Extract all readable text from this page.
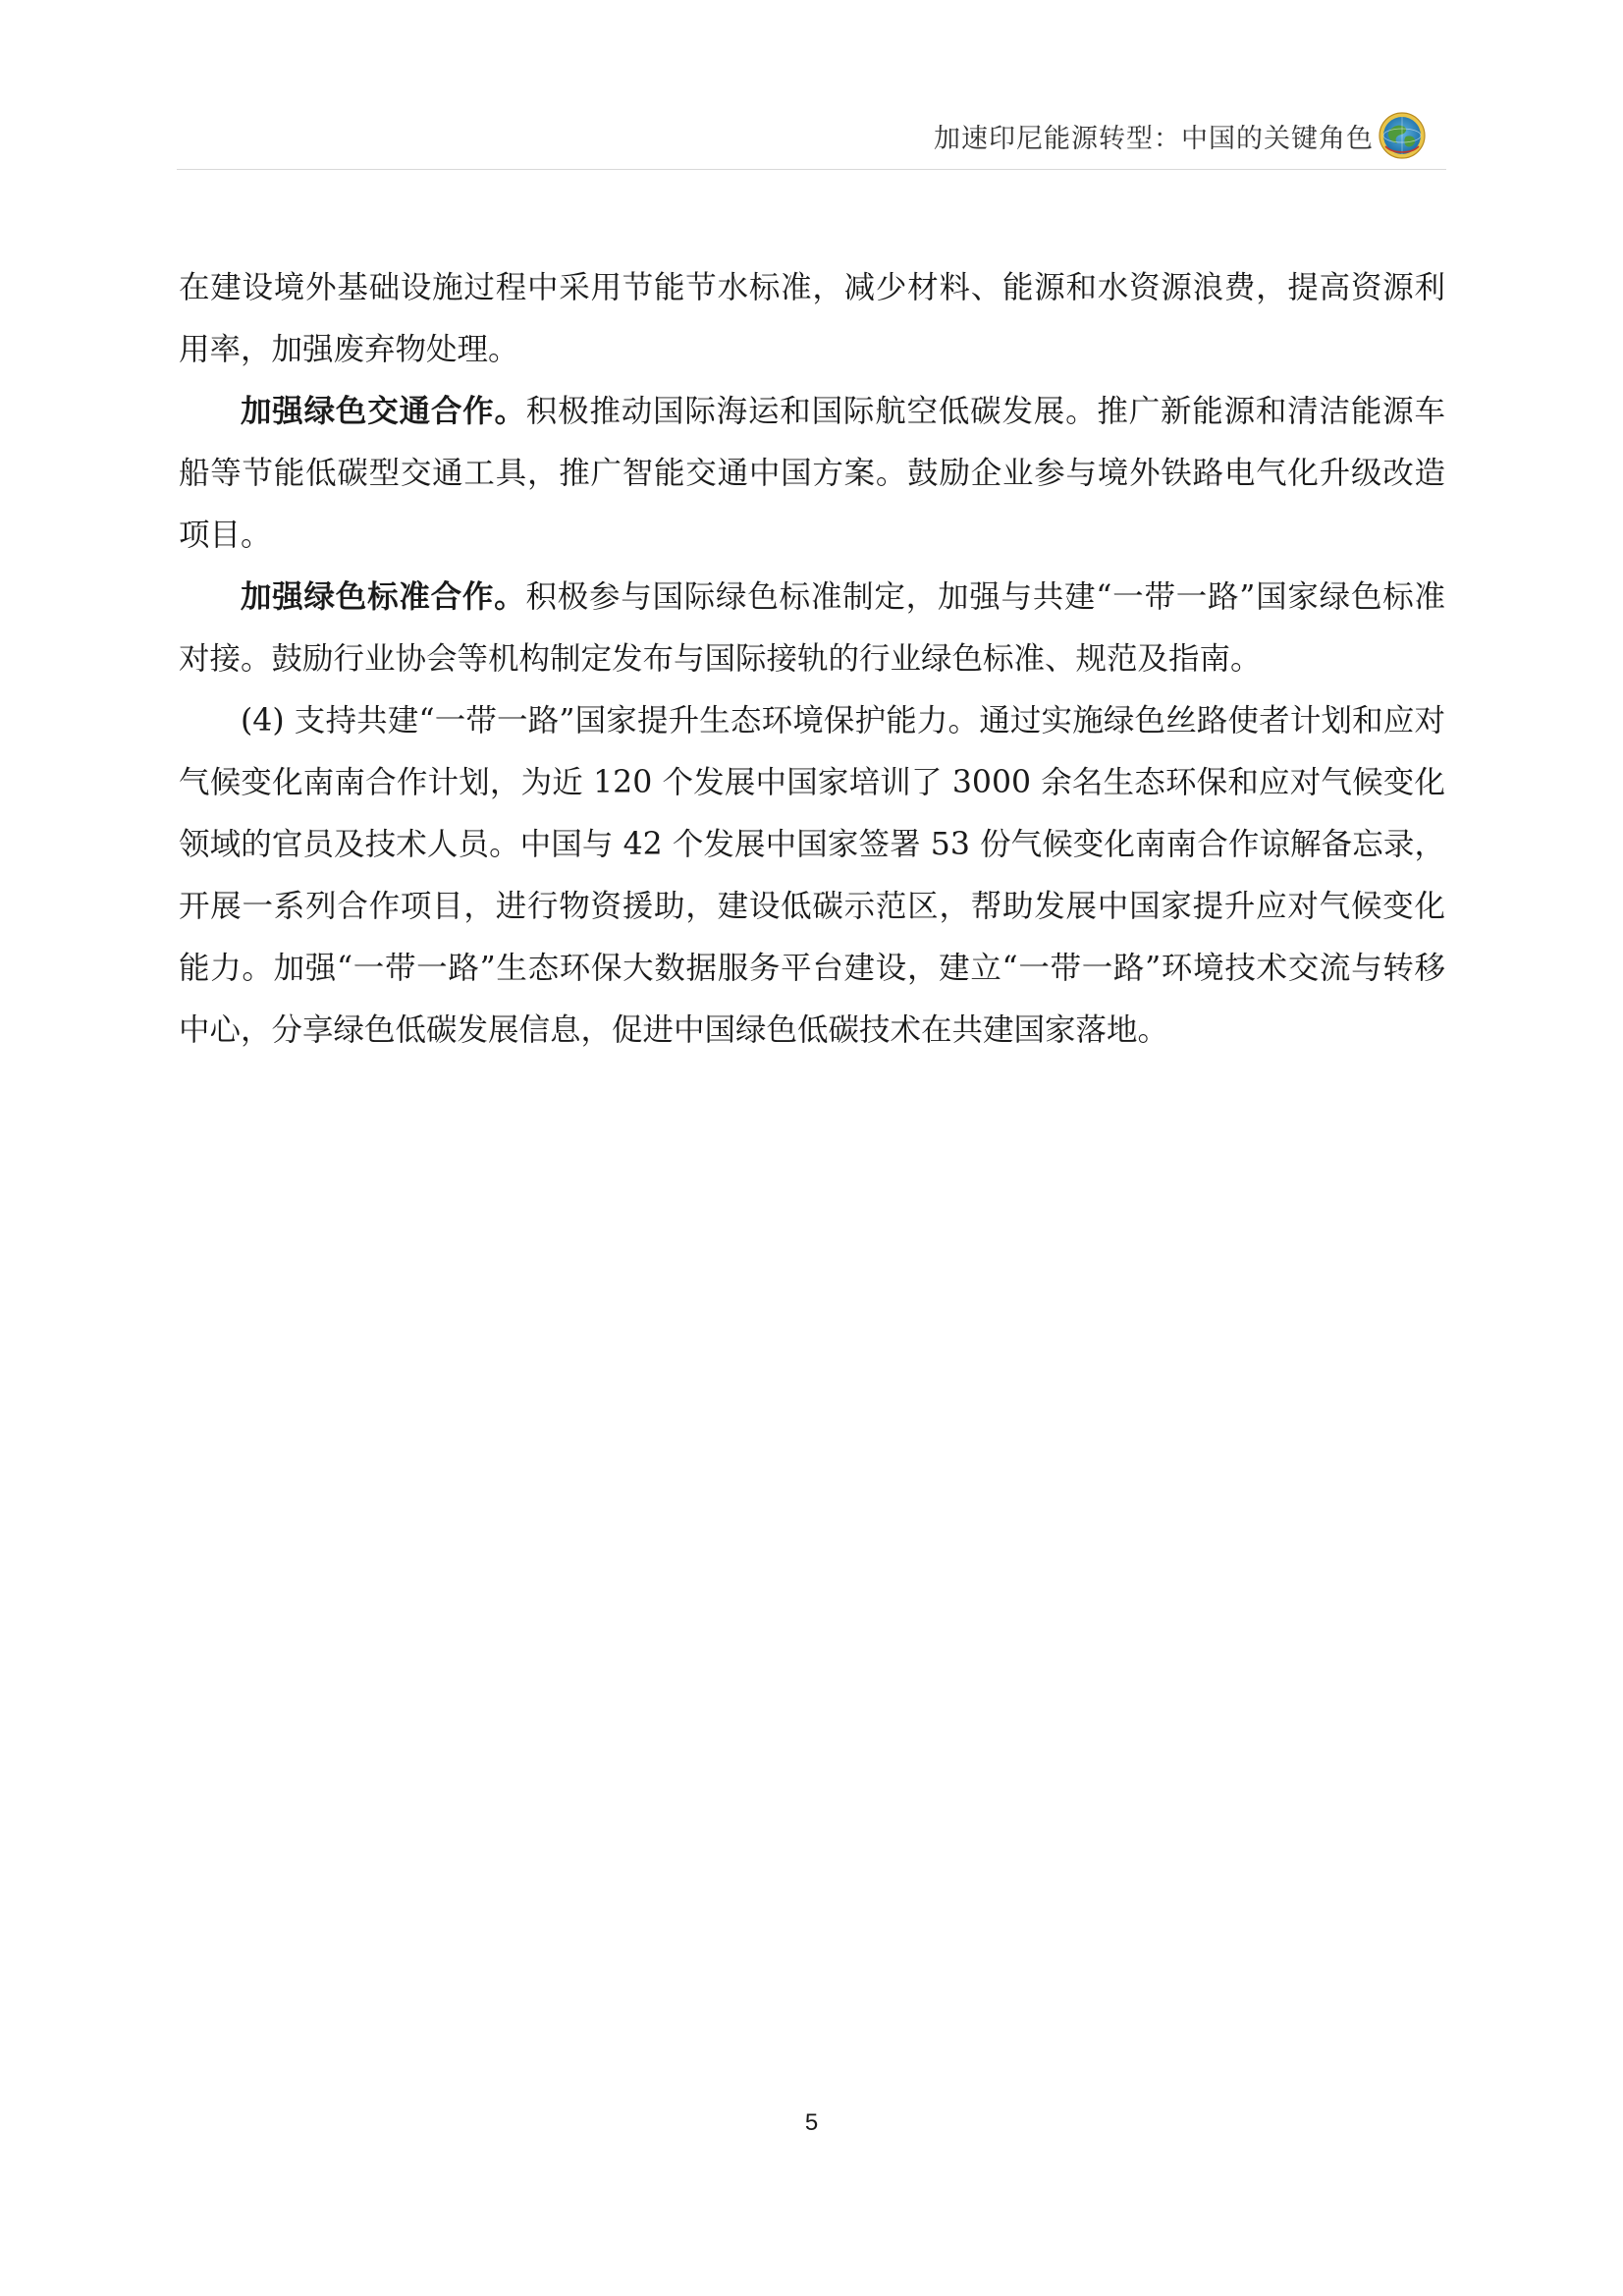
加速印尼能源转型：中国的关键角色

在建设境外基础设施过程中采用节能节水标准，减少材料、能源和水资源浪费，提高资源利用率，加强废弃物处理。

加强绿色交通合作。积极推动国际海运和国际航空低碳发展。推广新能源和清洁能源车船等节能低碳型交通工具，推广智能交通中国方案。鼓励企业参与境外铁路电气化升级改造项目。

加强绿色标准合作。积极参与国际绿色标准制定，加强与共建“一带一路”国家绿色标准对接。鼓励行业协会等机构制定发布与国际接轨的行业绿色标准、规范及指南。

(4) 支持共建“一带一路”国家提升生态环境保护能力。通过实施绿色丝路使者计划和应对气候变化南南合作计划，为近 120 个发展中国家培训了 3000 余名生态环保和应对气候变化领域的官员及技术人员。中国与 42 个发展中国家签署 53 份气候变化南南合作谅解备忘录，开展一系列合作项目，进行物资援助，建设低碳示范区，帮助发展中国家提升应对气候变化能力。加强“一带一路”生态环保大数据服务平台建设，建立“一带一路”环境技术交流与转移中心，分享绿色低碳发展信息，促进中国绿色低碳技术在共建国家落地。

5
